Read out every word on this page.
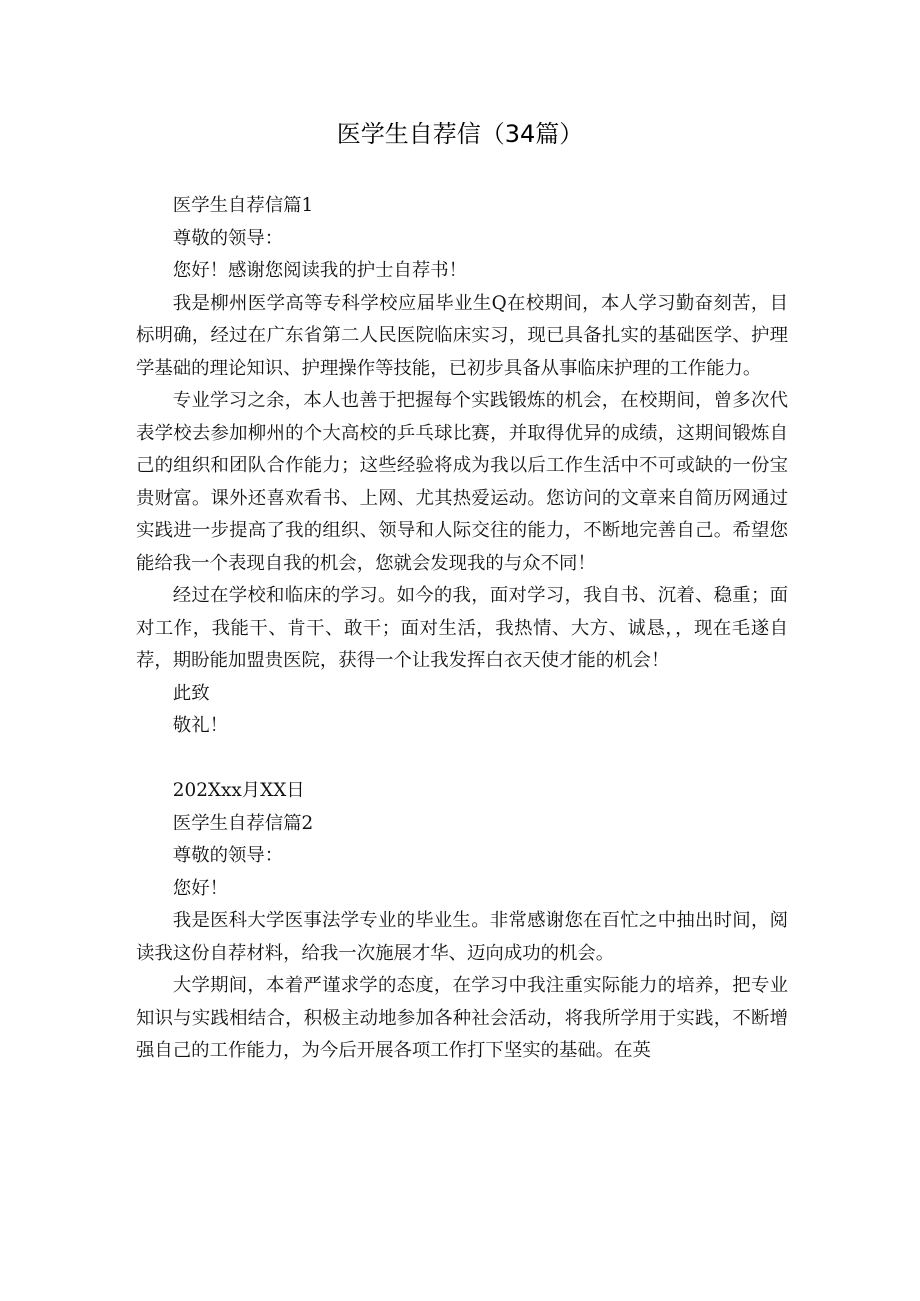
医学生自荐信（34篇）

医学生自荐信篇1

尊敬的领导：

您好！感谢您阅读我的护士自荐书！

我是柳州医学高等专科学校应届毕业生Q在校期间，本人学习勤奋刻苦，目标明确，经过在广东省第二人民医院临床实习，现已具备扎实的基础医学、护理学基础的理论知识、护理操作等技能，已初步具备从事临床护理的工作能力。

专业学习之余，本人也善于把握每个实践锻炼的机会，在校期间，曾多次代表学校去参加柳州的个大高校的乒乓球比赛，并取得优异的成绩，这期间锻炼自己的组织和团队合作能力；这些经验将成为我以后工作生活中不可或缺的一份宝贵财富。课外还喜欢看书、上网、尤其热爱运动。您访问的文章来自简历网通过实践进一步提高了我的组织、领导和人际交往的能力，不断地完善自己。希望您能给我一个表现自我的机会，您就会发现我的与众不同！

经过在学校和临床的学习。如今的我，面对学习，我自书、沉着、稳重；面对工作，我能干、肯干、敢干；面对生活，我热情、大方、诚恳，，现在毛遂自荐，期盼能加盟贵医院，获得一个让我发挥白衣天使才能的机会！

此致

敬礼！

202Xxx月XX日

医学生自荐信篇2

尊敬的领导：

您好！

我是医科大学医事法学专业的毕业生。非常感谢您在百忙之中抽出时间，阅读我这份自荐材料，给我一次施展才华、迈向成功的机会。

大学期间，本着严谨求学的态度，在学习中我注重实际能力的培养，把专业知识与实践相结合，积极主动地参加各种社会活动，将我所学用于实践，不断增强自己的工作能力，为今后开展各项工作打下坚实的基础。在英
